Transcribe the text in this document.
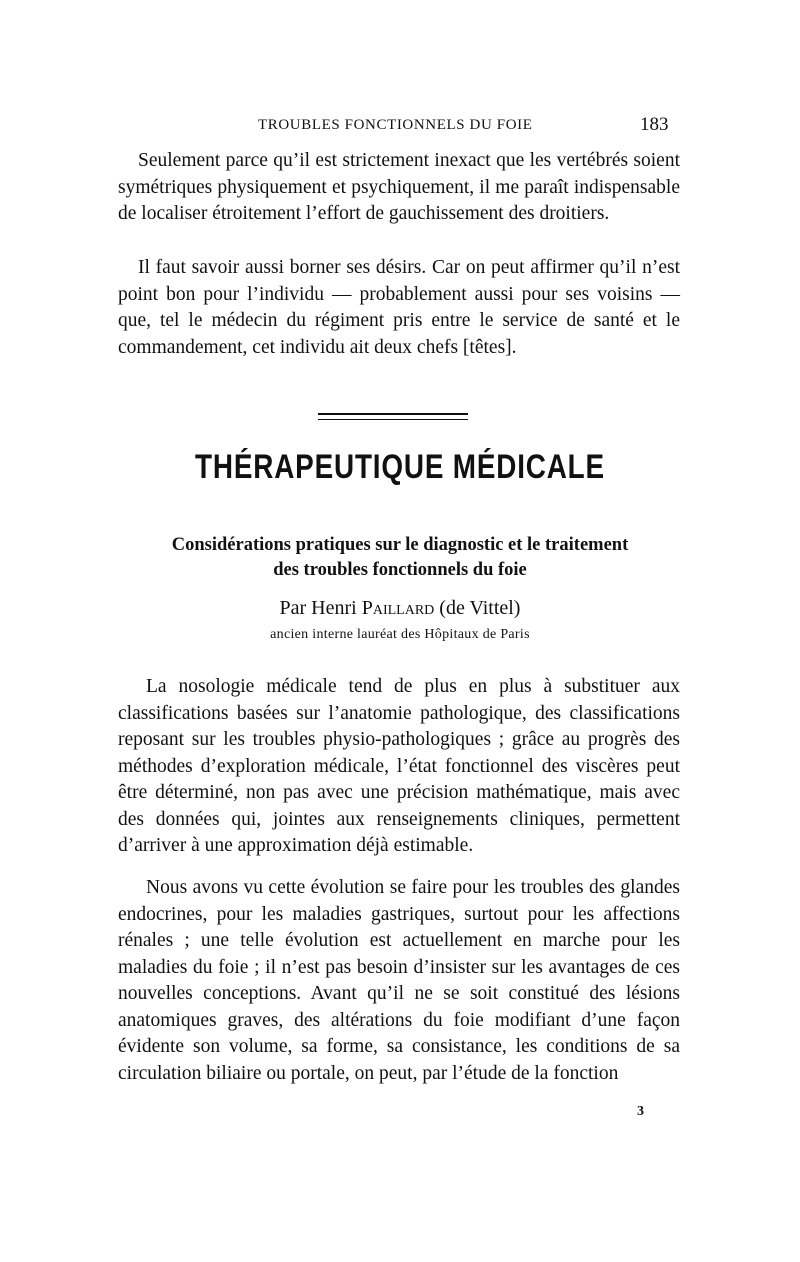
TROUBLES FONCTIONNELS DU FOIE	183

Seulement parce qu’il est strictement inexact que les vertébrés soient symétriques physiquement et psychiquement, il me paraît indispensable de localiser étroitement l’effort de gauchissement des droitiers.

Il faut savoir aussi borner ses désirs. Car on peut affirmer qu’il n’est point bon pour l’individu — probablement aussi pour ses voisins — que, tel le médecin du régiment pris entre le service de santé et le commandement, cet individu ait deux chefs [têtes].

THÉRAPEUTIQUE MÉDICALE
Considérations pratiques sur le diagnostic et le traitement
des troubles fonctionnels du foie
Par Henri Paillard (de Vittel)
ancien interne lauréat des Hôpitaux de Paris

La nosologie médicale tend de plus en plus à substituer aux classifications basées sur l’anatomie pathologique, des classifications reposant sur les troubles physio-pathologiques ; grâce au progrès des méthodes d’exploration médicale, l’état fonctionnel des viscères peut être déterminé, non pas avec une précision mathématique, mais avec des données qui, jointes aux renseignements cliniques, permettent d’arriver à une approximation déjà estimable.

Nous avons vu cette évolution se faire pour les troubles des glandes endocrines, pour les maladies gastriques, surtout pour les affections rénales ; une telle évolution est actuellement en marche pour les maladies du foie ; il n’est pas besoin d’insister sur les avantages de ces nouvelles conceptions. Avant qu’il ne se soit constitué des lésions anatomiques graves, des altérations du foie modifiant d’une façon évidente son volume, sa forme, sa consistance, les conditions de sa circulation biliaire ou portale, on peut, par l’étude de la fonction

3
